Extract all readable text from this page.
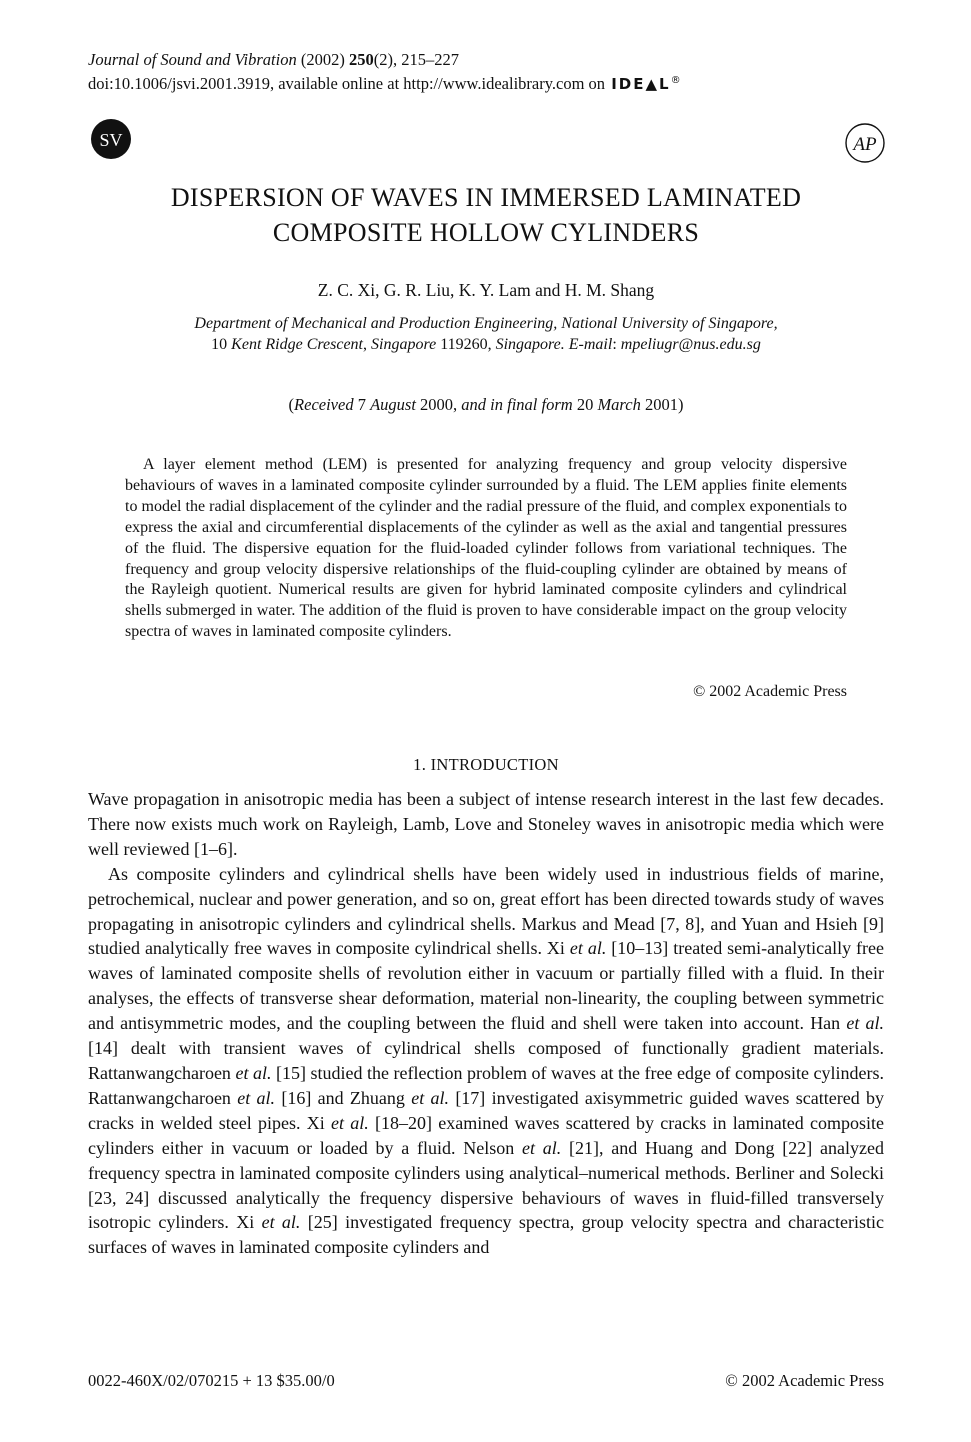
Journal of Sound and Vibration (2002) 250(2), 215–227
doi:10.1006/jsvi.2001.3919, available online at http://www.idealibrary.com on IDE▲L®
SV	AP
DISPERSION OF WAVES IN IMMERSED LAMINATED
COMPOSITE HOLLOW CYLINDERS
Z. C. Xi, G. R. Liu, K. Y. Lam and H. M. Shang
Department of Mechanical and Production Engineering, National University of Singapore,
10 Kent Ridge Crescent, Singapore 119260, Singapore. E-mail: mpeliugr@nus.edu.sg
(Received 7 August 2000, and in final form 20 March 2001)

A layer element method (LEM) is presented for analyzing frequency and group velocity dispersive behaviours of waves in a laminated composite cylinder surrounded by a fluid. The LEM applies finite elements to model the radial displacement of the cylinder and the radial pressure of the fluid, and complex exponentials to express the axial and circumferential displacements of the cylinder as well as the axial and tangential pressures of the fluid. The dispersive equation for the fluid-loaded cylinder follows from variational techniques. The frequency and group velocity dispersive relationships of the fluid-coupling cylinder are obtained by means of the Rayleigh quotient. Numerical results are given for hybrid laminated composite cylinders and cylindrical shells submerged in water. The addition of the fluid is proven to have considerable impact on the group velocity spectra of waves in laminated composite cylinders.

© 2002 Academic Press
1. INTRODUCTION

Wave propagation in anisotropic media has been a subject of intense research interest in the last few decades. There now exists much work on Rayleigh, Lamb, Love and Stoneley waves in anisotropic media which were well reviewed [1–6].

As composite cylinders and cylindrical shells have been widely used in industrious fields of marine, petrochemical, nuclear and power generation, and so on, great effort has been directed towards study of waves propagating in anisotropic cylinders and cylindrical shells. Markus and Mead [7, 8], and Yuan and Hsieh [9] studied analytically free waves in composite cylindrical shells. Xi et al. [10–13] treated semi-analytically free waves of laminated composite shells of revolution either in vacuum or partially filled with a fluid. In their analyses, the effects of transverse shear deformation, material non-linearity, the coupling between symmetric and antisymmetric modes, and the coupling between the fluid and shell were taken into account. Han et al. [14] dealt with transient waves of cylindrical shells composed of functionally gradient materials. Rattanwangcharoen et al. [15] studied the reflection problem of waves at the free edge of composite cylinders. Rattanwangcharoen et al. [16] and Zhuang et al. [17] investigated axisymmetric guided waves scattered by cracks in welded steel pipes. Xi et al. [18–20] examined waves scattered by cracks in laminated composite cylinders either in vacuum or loaded by a fluid. Nelson et al. [21], and Huang and Dong [22] analyzed frequency spectra in laminated composite cylinders using analytical–numerical methods. Berliner and Solecki [23, 24] discussed analytically the frequency dispersive behaviours of waves in fluid-filled transversely isotropic cylinders. Xi et al. [25] investigated frequency spectra, group velocity spectra and characteristic surfaces of waves in laminated composite cylinders and

0022-460X/02/070215 + 13 $35.00/0	© 2002 Academic Press
